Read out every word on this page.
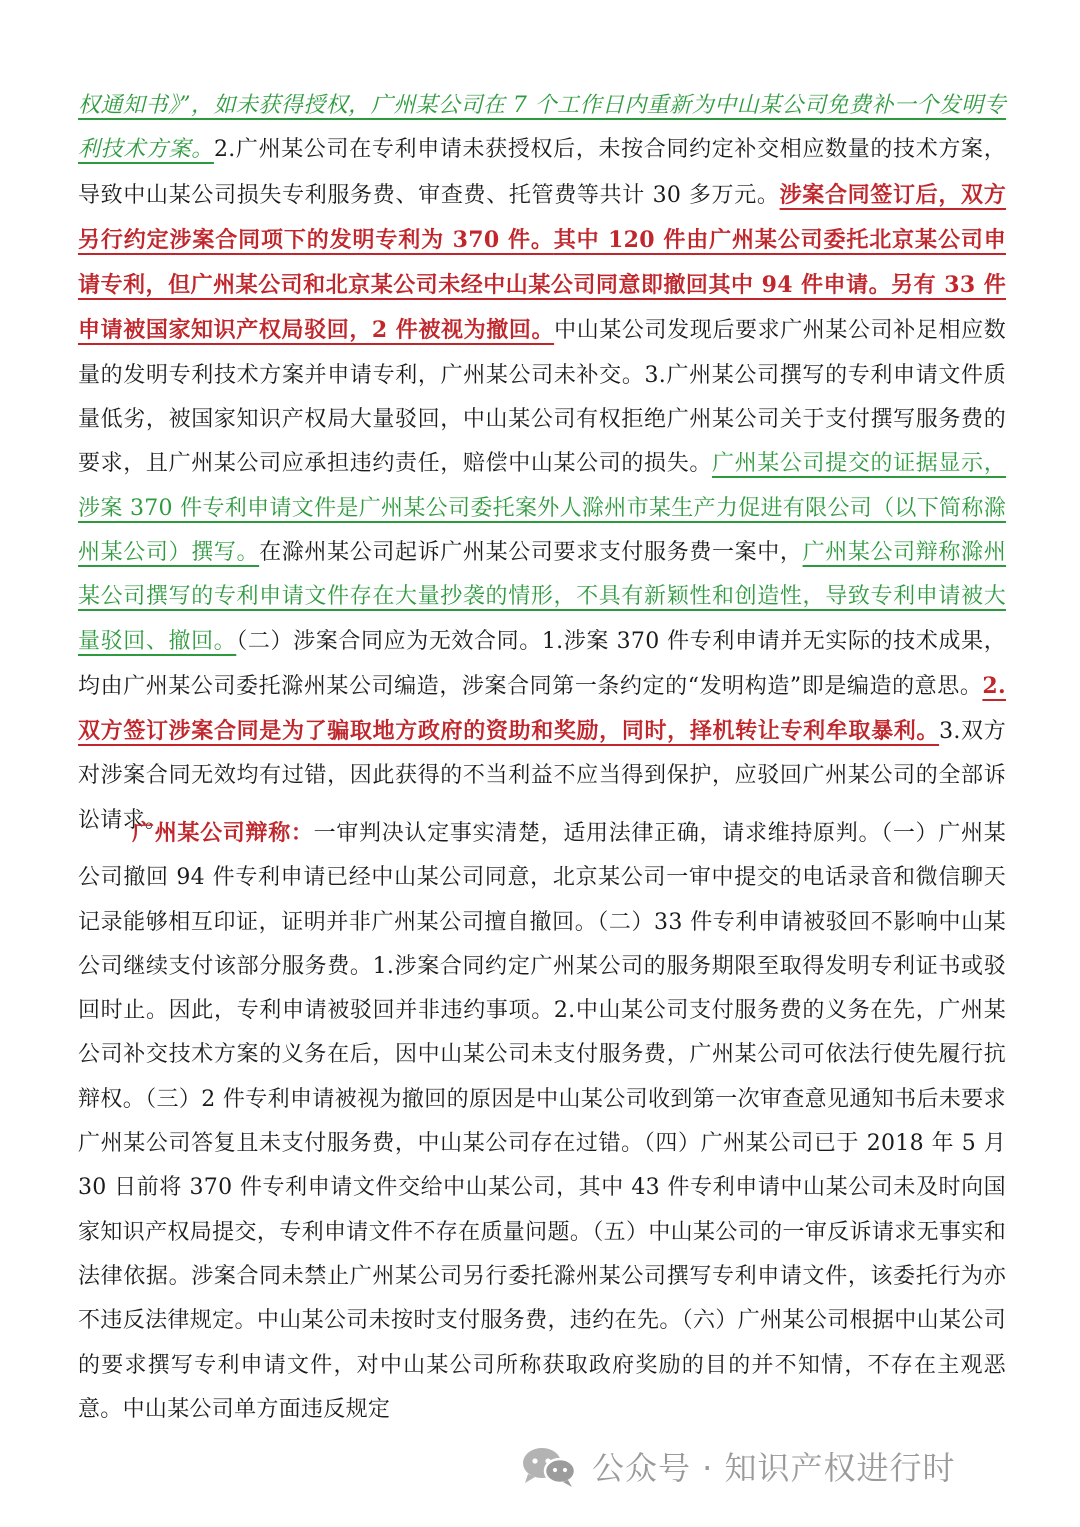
权通知书》”，如未获得授权，广州某公司在 7 个工作日内重新为中山某公司免费补一个发明专利技术方案。2.广州某公司在专利申请未获授权后，未按合同约定补交相应数量的技术方案，导致中山某公司损失专利服务费、审查费、托管费等共计 30 多万元。涉案合同签订后，双方另行约定涉案合同项下的发明专利为 370 件。其中 120 件由广州某公司委托北京某公司申请专利，但广州某公司和北京某公司未经中山某公司同意即撤回其中 94 件申请。另有 33 件申请被国家知识产权局驳回，2 件被视为撤回。中山某公司发现后要求广州某公司补足相应数量的发明专利技术方案并申请专利，广州某公司未补交。3.广州某公司撰写的专利申请文件质量低劣，被国家知识产权局大量驳回，中山某公司有权拒绝广州某公司关于支付撰写服务费的要求，且广州某公司应承担违约责任，赔偿中山某公司的损失。广州某公司提交的证据显示，涉案 370 件专利申请文件是广州某公司委托案外人滁州市某生产力促进有限公司（以下简称滁州某公司）撰写。在滁州某公司起诉广州某公司要求支付服务费一案中，广州某公司辩称滁州某公司撰写的专利申请文件存在大量抄袭的情形，不具有新颖性和创造性，导致专利申请被大量驳回、撤回。（二）涉案合同应为无效合同。1.涉案 370 件专利申请并无实际的技术成果，均由广州某公司委托滁州某公司编造，涉案合同第一条约定的“发明构造”即是编造的意思。2.双方签订涉案合同是为了骗取地方政府的资助和奖励，同时，择机转让专利牟取暴利。3.双方对涉案合同无效均有过错，因此获得的不当利益不应当得到保护，应驳回广州某公司的全部诉讼请求。

广州某公司辩称：一审判决认定事实清楚，适用法律正确，请求维持原判。（一）广州某公司撤回 94 件专利申请已经中山某公司同意，北京某公司一审中提交的电话录音和微信聊天记录能够相互印证，证明并非广州某公司擅自撤回。（二）33 件专利申请被驳回不影响中山某公司继续支付该部分服务费。1.涉案合同约定广州某公司的服务期限至取得发明专利证书或驳回时止。因此，专利申请被驳回并非违约事项。2.中山某公司支付服务费的义务在先，广州某公司补交技术方案的义务在后，因中山某公司未支付服务费，广州某公司可依法行使先履行抗辩权。（三）2 件专利申请被视为撤回的原因是中山某公司收到第一次审查意见通知书后未要求广州某公司答复且未支付服务费，中山某公司存在过错。（四）广州某公司已于 2018 年 5 月 30 日前将 370 件专利申请文件交给中山某公司，其中 43 件专利申请中山某公司未及时向国家知识产权局提交，专利申请文件不存在质量问题。（五）中山某公司的一审反诉请求无事实和法律依据。涉案合同未禁止广州某公司另行委托滁州某公司撰写专利申请文件，该委托行为亦不违反法律规定。中山某公司未按时支付服务费，违约在先。（六）广州某公司根据中山某公司的要求撰写专利申请文件，对中山某公司所称获取政府奖励的目的并不知情，不存在主观恶意。中山某公司单方面违反规定

公众号 · 知识产权进行时
